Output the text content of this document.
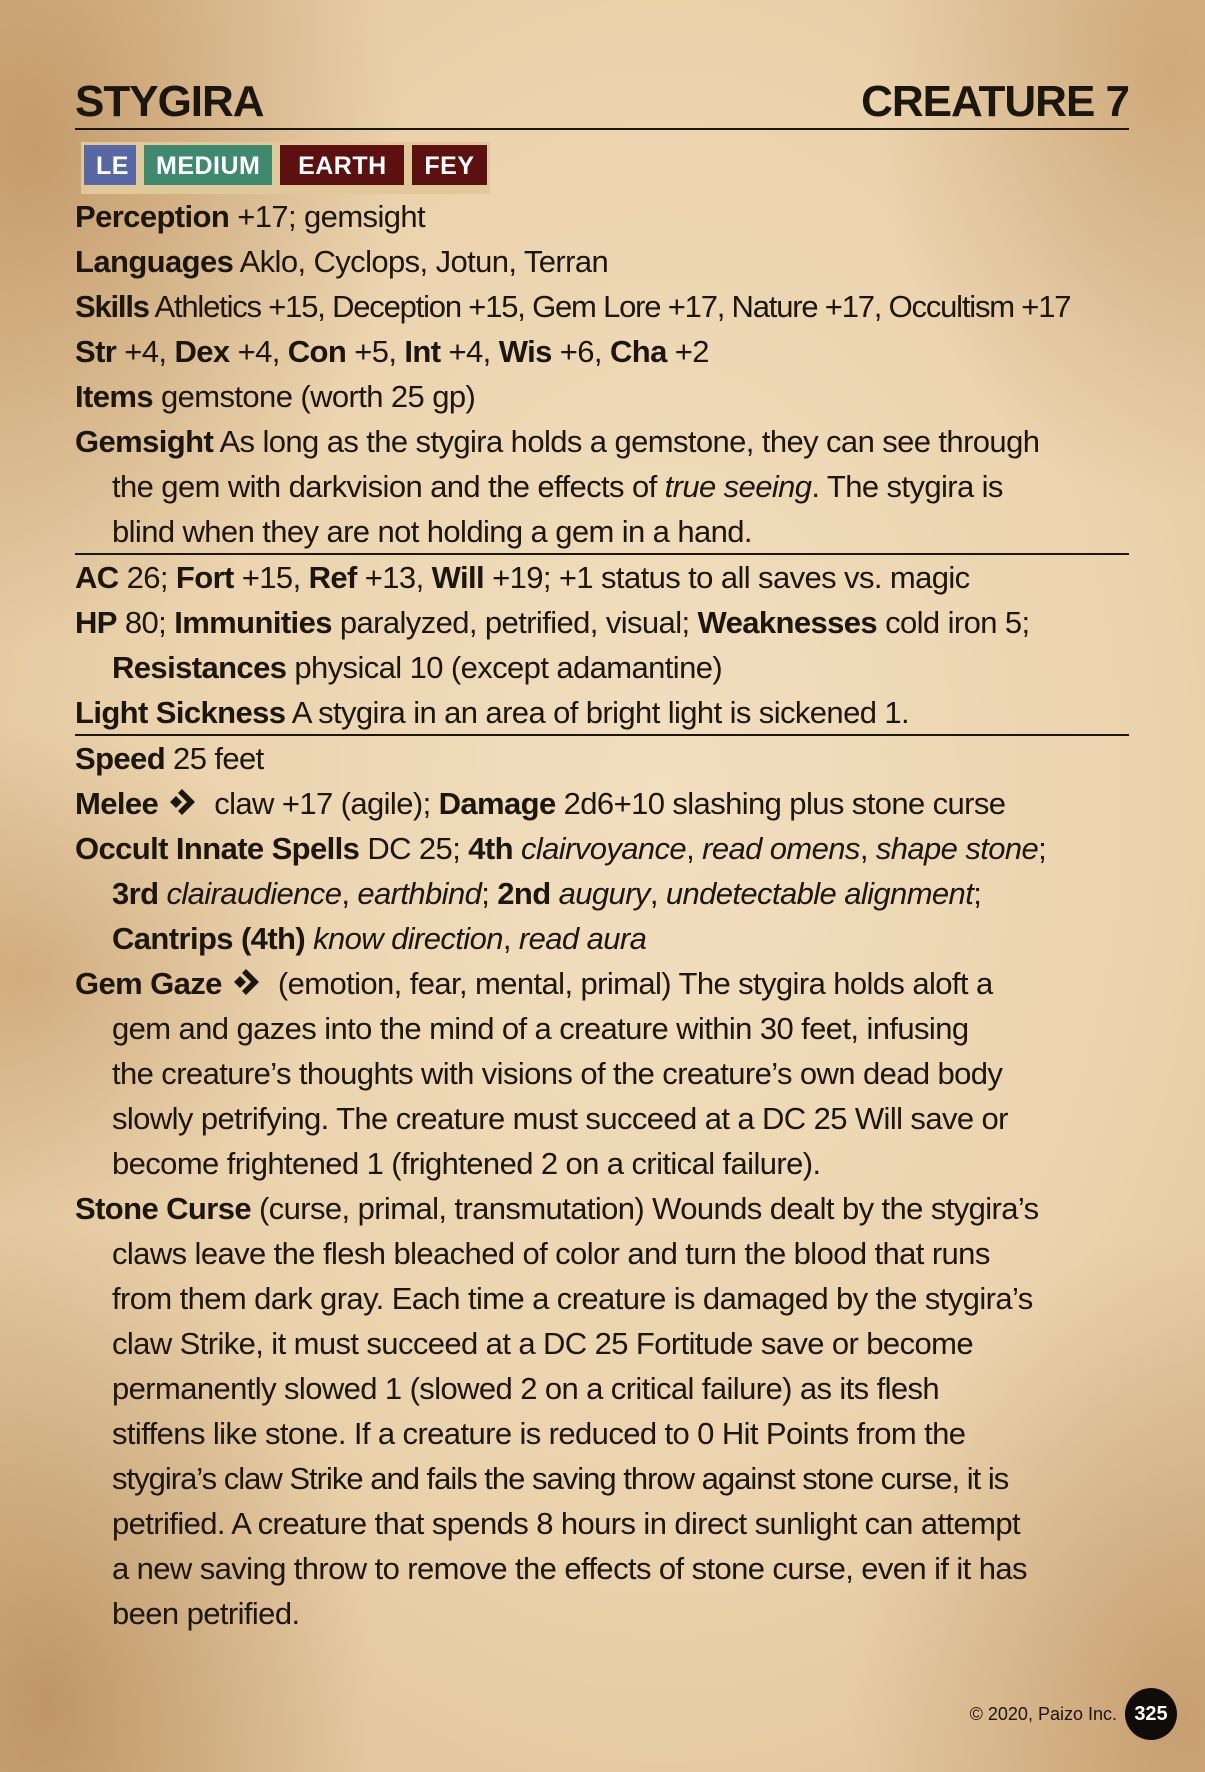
STYGIRA	CREATURE 7
LE	MEDIUM	EARTH	FEY
Perception +17; gemsight
Languages Aklo, Cyclops, Jotun, Terran
Skills Athletics +15, Deception +15, Gem Lore +17, Nature +17, Occultism +17
Str +4, Dex +4, Con +5, Int +4, Wis +6, Cha +2
Items gemstone (worth 25 gp)
Gemsight As long as the stygira holds a gemstone, they can see through
the gem with darkvision and the effects of true seeing. The stygira is
blind when they are not holding a gem in a hand.
AC 26; Fort +15, Ref +13, Will +19; +1 status to all saves vs. magic
HP 80; Immunities paralyzed, petrified, visual; Weaknesses cold iron 5;
Resistances physical 10 (except adamantine)
Light Sickness A stygira in an area of bright light is sickened 1.
Speed 25 feet
Melee claw +17 (agile); Damage 2d6+10 slashing plus stone curse
Occult Innate Spells DC 25; 4th clairvoyance, read omens, shape stone;
3rd clairaudience, earthbind; 2nd augury, undetectable alignment;
Cantrips (4th) know direction, read aura
Gem Gaze (emotion, fear, mental, primal) The stygira holds aloft a
gem and gazes into the mind of a creature within 30 feet, infusing
the creature’s thoughts with visions of the creature’s own dead body
slowly petrifying. The creature must succeed at a DC 25 Will save or
become frightened 1 (frightened 2 on a critical failure).
Stone Curse (curse, primal, transmutation) Wounds dealt by the stygira’s
claws leave the flesh bleached of color and turn the blood that runs
from them dark gray. Each time a creature is damaged by the stygira’s
claw Strike, it must succeed at a DC 25 Fortitude save or become
permanently slowed 1 (slowed 2 on a critical failure) as its flesh
stiffens like stone. If a creature is reduced to 0 Hit Points from the
stygira’s claw Strike and fails the saving throw against stone curse, it is
petrified. A creature that spends 8 hours in direct sunlight can attempt
a new saving throw to remove the effects of stone curse, even if it has
been petrified.
© 2020, Paizo Inc. 325
